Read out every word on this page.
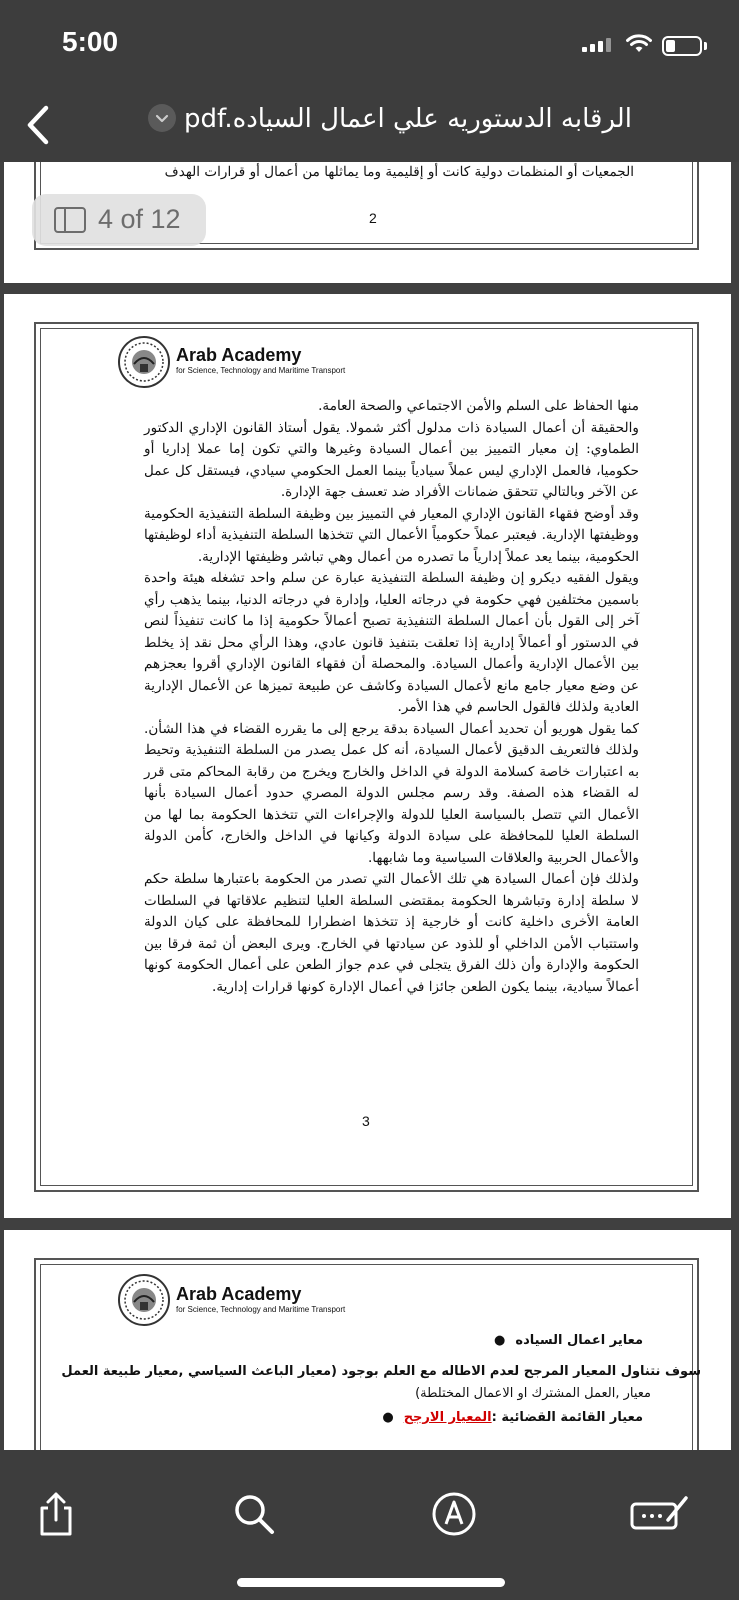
5:00
pdf.الرقابه الدستوريه علي اعمال السياده
الجمعيات أو المنظمات دولية كانت أو إقليمية وما يماثلها من أعمال أو قرارات الهدف
2
4 of 12
Arab Academy
for Science, Technology and Maritime Transport
منها الحفاظ على السلم والأمن الاجتماعي والصحة العامة.
والحقيقة أن أعمال السيادة ذات مدلول أكثر شمولا. يقول أستاذ القانون الإداري الدكتور الطماوي: إن معيار التمييز بين أعمال السيادة وغيرها والتي تكون إما عملا إداريا أو حكوميا، فالعمل الإداري ليس عملاً سيادياً بينما العمل الحكومي سيادي، فيستقل كل عمل عن الآخر وبالتالي تتحقق ضمانات الأفراد ضد تعسف جهة الإدارة.
وقد أوضح فقهاء القانون الإداري المعيار في التمييز بين وظيفة السلطة التنفيذية الحكومية ووظيفتها الإدارية. فيعتبر عملاً حكومياً الأعمال التي تتخذها السلطة التنفيذية أداء لوظيفتها الحكومية، بينما يعد عملاً إدارياً ما تصدره من أعمال وهي تباشر وظيفتها الإدارية.
ويقول الفقيه ديكرو إن وظيفة السلطة التنفيذية عبارة عن سلم واحد تشغله هيئة واحدة باسمين مختلفين فهي حكومة في درجاته العليا، وإدارة في درجاته الدنيا، بينما يذهب رأي آخر إلى القول بأن أعمال السلطة التنفيذية تصبح أعمالاً حكومية إذا ما كانت تنفيذاً لنص في الدستور أو أعمالاً إدارية إذا تعلقت بتنفيذ قانون عادي، وهذا الرأي محل نقد إذ يخلط بين الأعمال الإدارية وأعمال السيادة. والمحصلة أن فقهاء القانون الإداري أقروا بعجزهم عن وضع معيار جامع مانع لأعمال السيادة وكاشف عن طبيعة تميزها عن الأعمال الإدارية العادية ولذلك فالقول الحاسم في هذا الأمر.
كما يقول هوريو أن تحديد أعمال السيادة بدقة يرجع إلى ما يقرره القضاء في هذا الشأن. ولذلك فالتعريف الدقيق لأعمال السيادة، أنه كل عمل يصدر من السلطة التنفيذية وتحيط به اعتبارات خاصة كسلامة الدولة في الداخل والخارج ويخرج من رقابة المحاكم متى قرر له القضاء هذه الصفة. وقد رسم مجلس الدولة المصري حدود أعمال السيادة بأنها الأعمال التي تتصل بالسياسة العليا للدولة والإجراءات التي تتخذها الحكومة بما لها من السلطة العليا للمحافظة على سيادة الدولة وكيانها في الداخل والخارج، كأمن الدولة والأعمال الحربية والعلاقات السياسية وما شابهها.
ولذلك فإن أعمال السيادة هي تلك الأعمال التي تصدر من الحكومة باعتبارها سلطة حكم لا سلطة إدارة وتباشرها الحكومة بمقتضى السلطة العليا لتنظيم علاقاتها في السلطات العامة الأخرى داخلية كانت أو خارجية إذ تتخذها اضطرارا للمحافظة على كيان الدولة واستتباب الأمن الداخلي أو للذود عن سيادتها في الخارج. ويرى البعض أن ثمة فرقا بين الحكومة والإدارة وأن ذلك الفرق يتجلى في عدم جواز الطعن على أعمال الحكومة كونها أعمالاً سيادية، بينما يكون الطعن جائزا في أعمال الإدارة كونها قرارات إدارية.
3
Arab Academy
for Science, Technology and Maritime Transport
معاير اعمال السياده●
سوف نتناول المعيار المرجح لعدم الاطاله مع العلم بوجود (معيار الباعث السياسي ,معيار طبيعة العمل
معيار ,العمل المشترك او الاعمال المختلطة)
معيار القائمة القضائية :المعيار الارجح●
